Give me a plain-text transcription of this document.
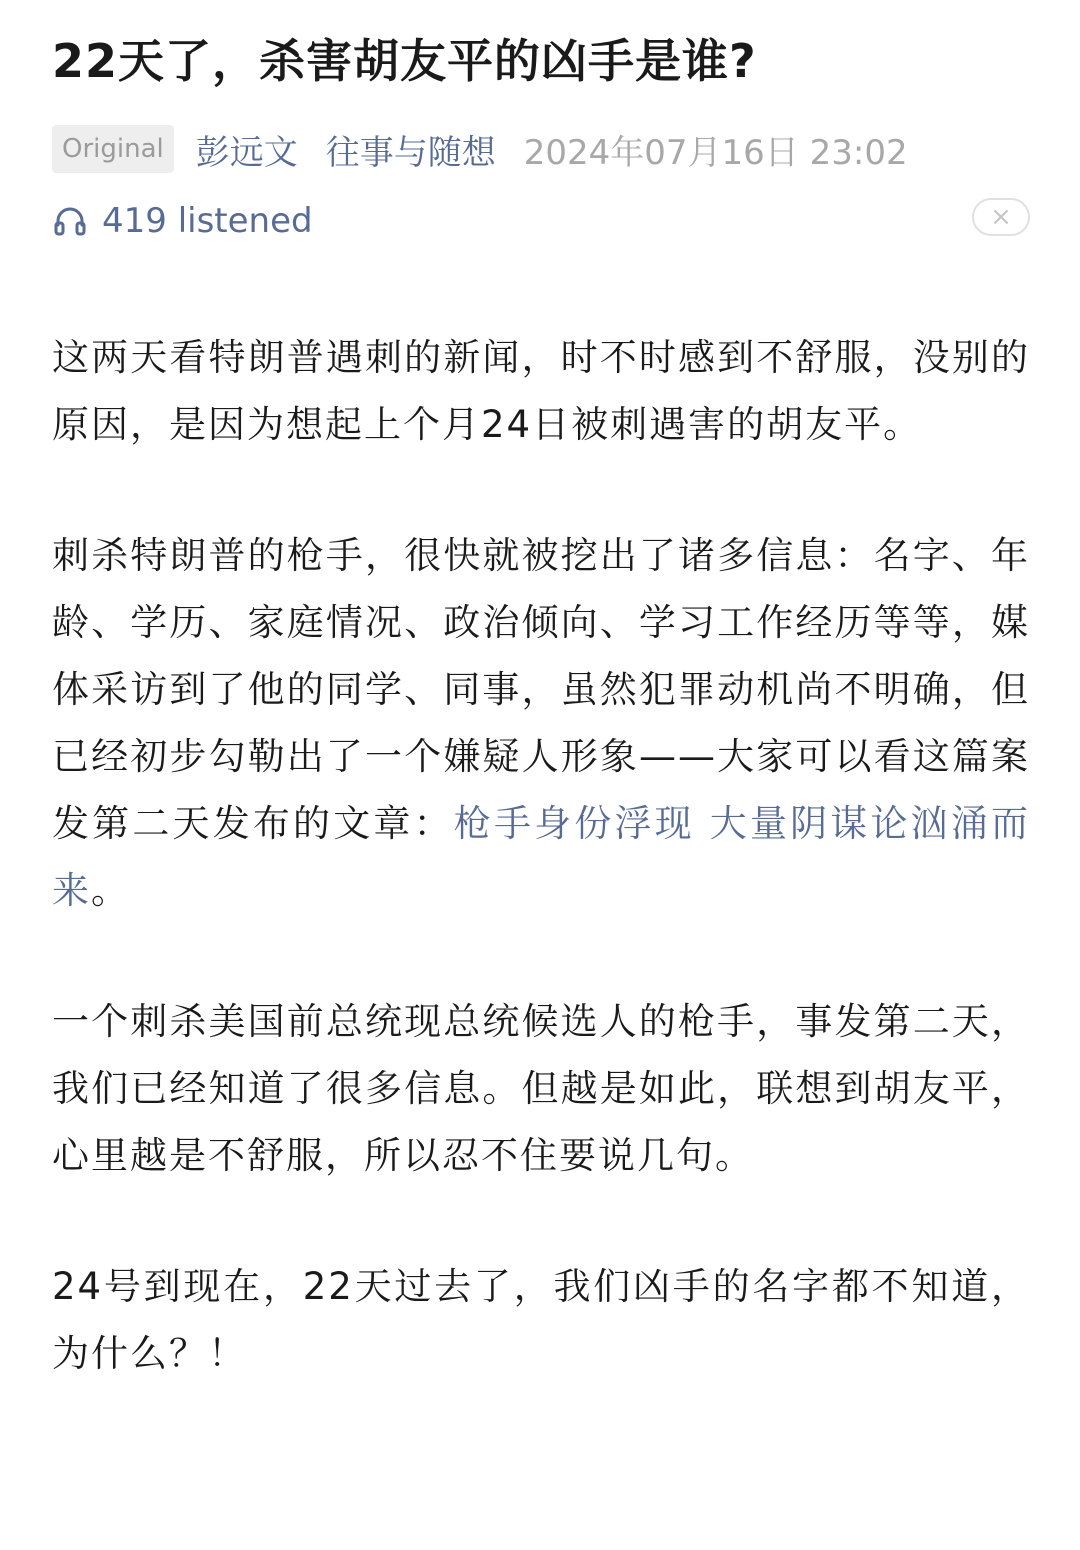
22天了，杀害胡友平的凶手是谁?
Original 彭远文 往事与随想 2024年07月16日 23:02
419 listened	×

这两天看特朗普遇刺的新闻，时不时感到不舒服，没别的原因，是因为想起上个月24日被刺遇害的胡友平。

刺杀特朗普的枪手，很快就被挖出了诸多信息：名字、年龄、学历、家庭情况、政治倾向、学习工作经历等等，媒体采访到了他的同学、同事，虽然犯罪动机尚不明确，但已经初步勾勒出了一个嫌疑人形象——大家可以看这篇案发第二天发布的文章：枪手身份浮现 大量阴谋论汹涌而来。

一个刺杀美国前总统现总统候选人的枪手，事发第二天，我们已经知道了很多信息。但越是如此，联想到胡友平，心里越是不舒服，所以忍不住要说几句。

24号到现在，22天过去了，我们凶手的名字都不知道，为什么？！
